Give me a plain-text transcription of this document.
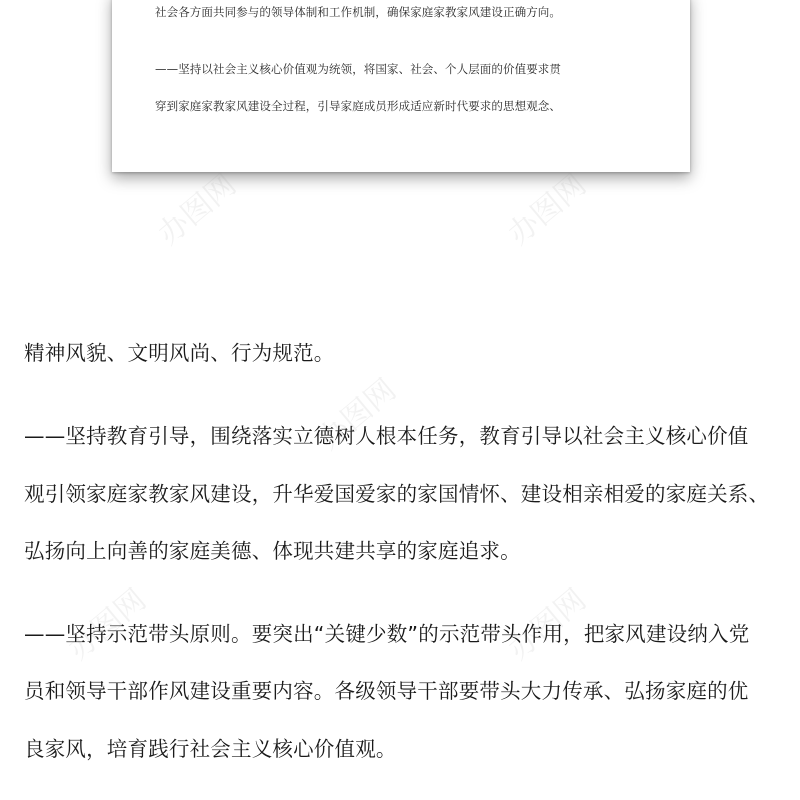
社会各方面共同参与的领导体制和工作机制，确保家庭家教家风建设正确方向。

——坚持以社会主义核心价值观为统领，将国家、社会、个人层面的价值要求贯

穿到家庭家教家风建设全过程，引导家庭成员形成适应新时代要求的思想观念、

办图网	办图网
办图网
办图网	办图网

精神风貌、文明风尚、行为规范。

——坚持教育引导，围绕落实立德树人根本任务，教育引导以社会主义核心价值

观引领家庭家教家风建设，升华爱国爱家的家国情怀、建设相亲相爱的家庭关系、

弘扬向上向善的家庭美德、体现共建共享的家庭追求。

——坚持示范带头原则。要突出“关键少数”的示范带头作用，把家风建设纳入党

员和领导干部作风建设重要内容。各级领导干部要带头大力传承、弘扬家庭的优

良家风，培育践行社会主义核心价值观。
